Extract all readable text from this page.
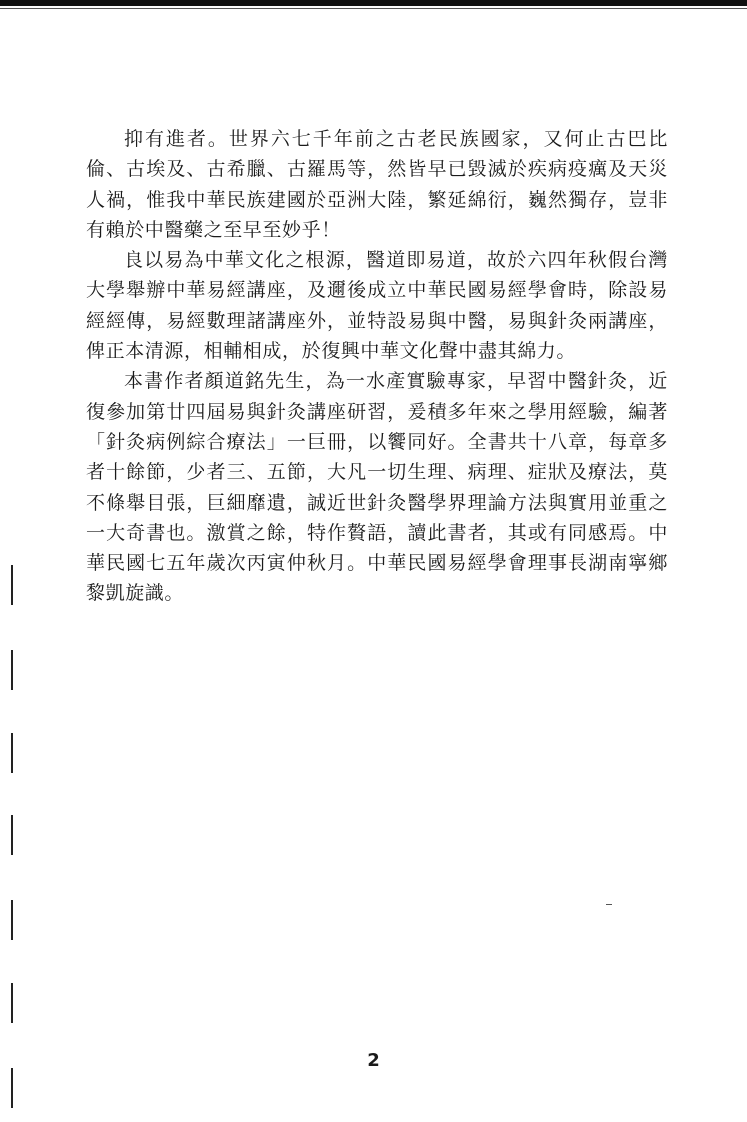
抑有進者。世界六七千年前之古老民族國家，又何止古巴比倫、古埃及、古希臘、古羅馬等，然皆早已毀滅於疾病疫癘及天災人禍，惟我中華民族建國於亞洲大陸，繁延綿衍，巍然獨存，豈非有賴於中醫藥之至早至妙乎！

良以易為中華文化之根源，醫道即易道，故於六四年秋假台灣大學舉辦中華易經講座，及邇後成立中華民國易經學會時，除設易經經傳，易經數理諸講座外，並特設易與中醫，易與針灸兩講座，俾正本清源，相輔相成，於復興中華文化聲中盡其綿力。

本書作者顏道銘先生，為一水產實驗專家，早習中醫針灸，近復參加第廿四屆易與針灸講座研習，爰積多年來之學用經驗，編著「針灸病例綜合療法」一巨冊，以饗同好。全書共十八章，每章多者十餘節，少者三、五節，大凡一切生理、病理、症狀及療法，莫不條舉目張，巨細靡遺，誠近世針灸醫學界理論方法與實用並重之一大奇書也。激賞之餘，特作贅語，讀此書者，其或有同感焉。中華民國七五年歲次丙寅仲秋月。中華民國易經學會理事長湖南寧鄉黎凱旋識。

2
